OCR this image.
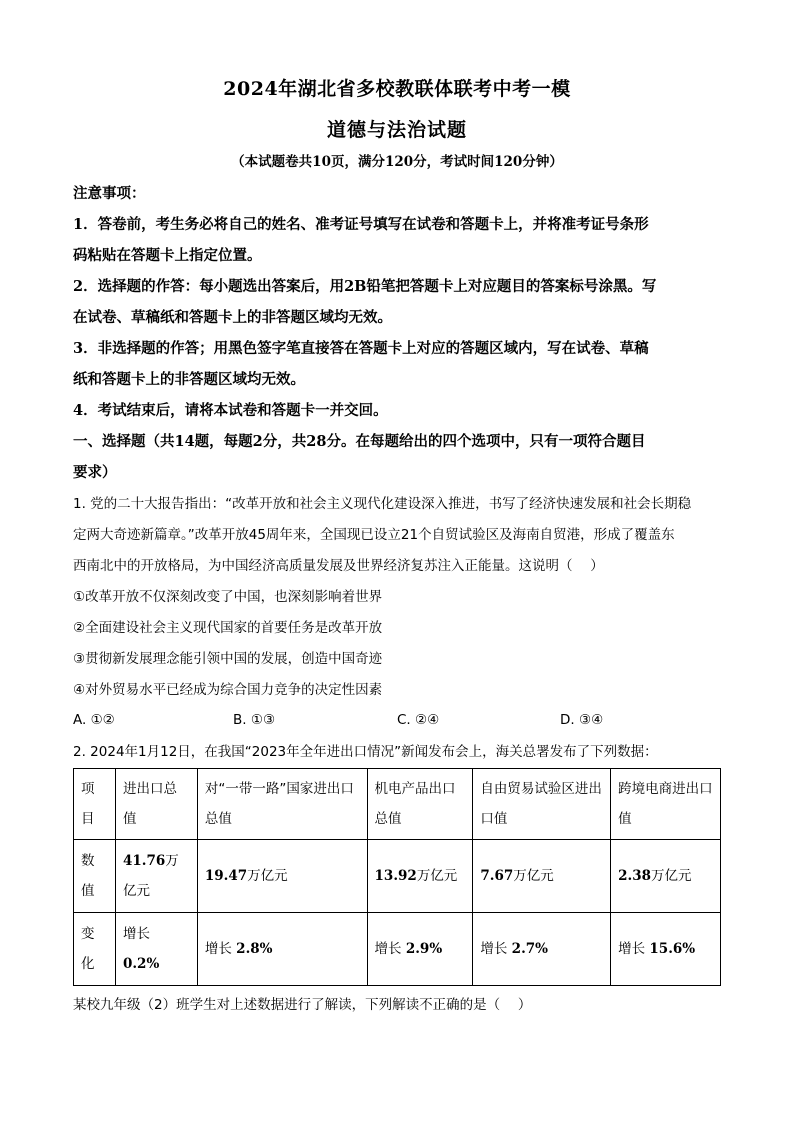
2024年湖北省多校教联体联考中考一模
道德与法治试题
（本试题卷共10页，满分120分，考试时间120分钟）
注意事项：
1．答卷前，考生务必将自己的姓名、准考证号填写在试卷和答题卡上，并将准考证号条形
码粘贴在答题卡上指定位置。
2．选择题的作答：每小题选出答案后，用2B铅笔把答题卡上对应题目的答案标号涂黑。写
在试卷、草稿纸和答题卡上的非答题区域均无效。
3．非选择题的作答；用黑色签字笔直接答在答题卡上对应的答题区域内，写在试卷、草稿
纸和答题卡上的非答题区域均无效。
4．考试结束后，请将本试卷和答题卡一并交回。
一、选择题（共14题，每题2分，共28分。在每题给出的四个选项中，只有一项符合题目
要求）
1. 党的二十大报告指出：“改革开放和社会主义现代化建设深入推进，书写了经济快速发展和社会长期稳
定两大奇迹新篇章。”改革开放45周年来，全国现已设立21个自贸试验区及海南自贸港，形成了覆盖东
西南北中的开放格局，为中国经济高质量发展及世界经济复苏注入正能量。这说明（　 ）
①改革开放不仅深刻改变了中国，也深刻影响着世界
②全面建设社会主义现代国家的首要任务是改革开放
③贯彻新发展理念能引领中国的发展，创造中国奇迹
④对外贸易水平已经成为综合国力竞争的决定性因素
A. ①②	B. ①③	C. ②④	D. ③④
2. 2024年1月12日，在我国“2023年全年进出口情况”新闻发布会上，海关总署发布了下列数据：
项目	进出口总值	对“一带一路”国家进出口总值	机电产品出口总值	自由贸易试验区进出口值	跨境电商进出口值
数值	41.76万亿元	19.47万亿元	13.92万亿元	7.67万亿元	2.38万亿元
变化	增长 0.2%	增长 2.8%	增长 2.9%	增长 2.7%	增长 15.6%
某校九年级（2）班学生对上述数据进行了解读，下列解读不正确的是（　 ）
